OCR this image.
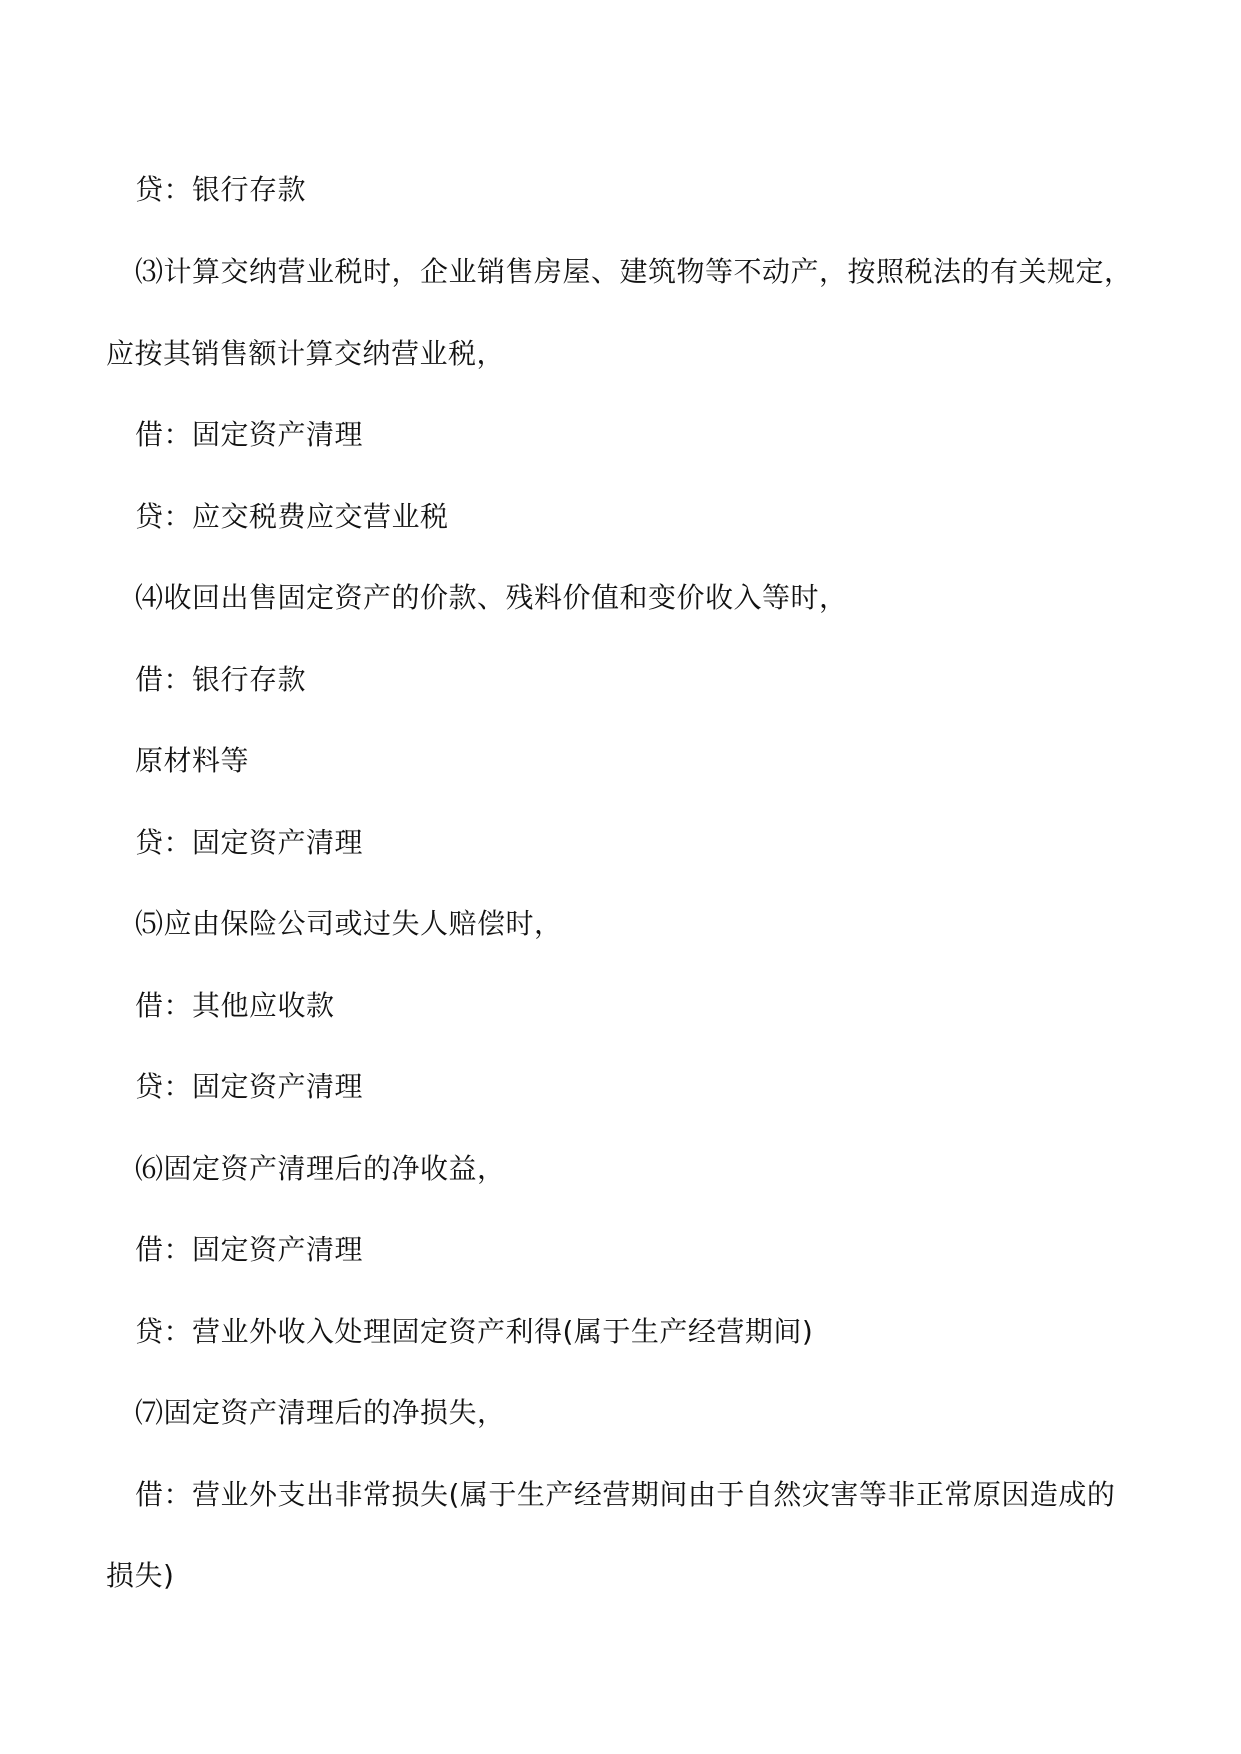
贷：银行存款
⑶计算交纳营业税时，企业销售房屋、建筑物等不动产，按照税法的有关规定，
应按其销售额计算交纳营业税，
借：固定资产清理
贷：应交税费应交营业税
⑷收回出售固定资产的价款、残料价值和变价收入等时，
借：银行存款
原材料等
贷：固定资产清理
⑸应由保险公司或过失人赔偿时，
借：其他应收款
贷：固定资产清理
⑹固定资产清理后的净收益，
借：固定资产清理
贷：营业外收入处理固定资产利得(属于生产经营期间)
⑺固定资产清理后的净损失，
借：营业外支出非常损失(属于生产经营期间由于自然灾害等非正常原因造成的
损失)
